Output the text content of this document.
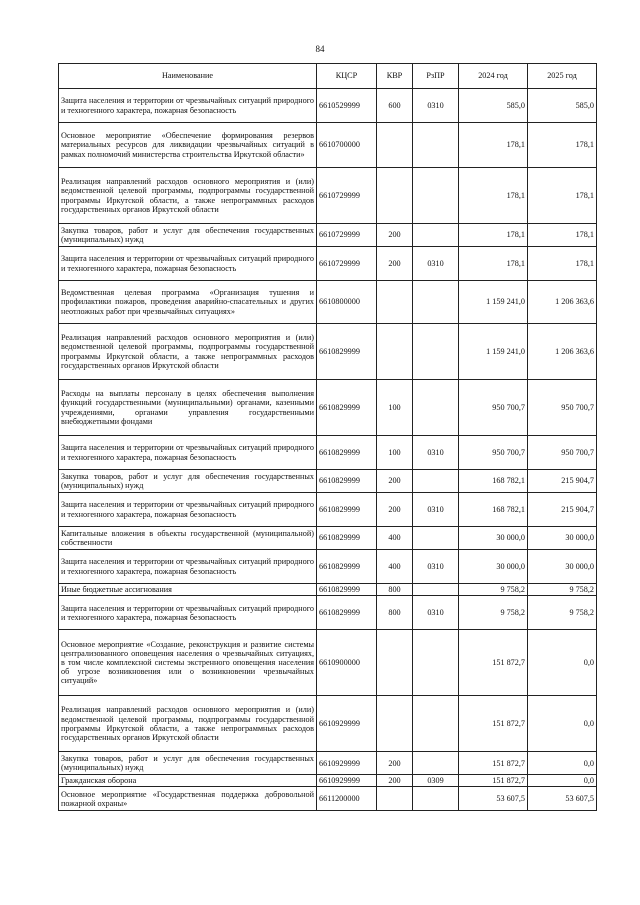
84
Наименование	КЦСР	КВР	РзПР	2024 год	2025 год
Защита населения и территории от чрезвычайных ситуаций природного и техногенного характера, пожарная безопасность	6610529999	600	0310	585,0	585,0
Основное мероприятие «Обеспечение формирования резервов материальных ресурсов для ликвидации чрезвычайных ситуаций в рамках полномочий министерства строительства Иркутской области»	6610700000			178,1	178,1
Реализация направлений расходов основного мероприятия и (или) ведомственной целевой программы, подпрограммы государственной программы Иркутской области, а также непрограммных расходов государственных органов Иркутской области	6610729999			178,1	178,1
Закупка товаров, работ и услуг для обеспечения государственных (муниципальных) нужд	6610729999	200		178,1	178,1
Защита населения и территории от чрезвычайных ситуаций природного и техногенного характера, пожарная безопасность	6610729999	200	0310	178,1	178,1
Ведомственная целевая программа «Организация тушения и профилактики пожаров, проведения аварийно-спасательных и других неотложных работ при чрезвычайных ситуациях»	6610800000			1 159 241,0	1 206 363,6
Реализация направлений расходов основного мероприятия и (или) ведомственной целевой программы, подпрограммы государственной программы Иркутской области, а также непрограммных расходов государственных органов Иркутской области	6610829999			1 159 241,0	1 206 363,6
Расходы на выплаты персоналу в целях обеспечения выполнения функций государственными (муниципальными) органами, казенными учреждениями, органами управления государственными внебюджетными фондами	6610829999	100		950 700,7	950 700,7
Защита населения и территории от чрезвычайных ситуаций природного и техногенного характера, пожарная безопасность	6610829999	100	0310	950 700,7	950 700,7
Закупка товаров, работ и услуг для обеспечения государственных (муниципальных) нужд	6610829999	200		168 782,1	215 904,7
Защита населения и территории от чрезвычайных ситуаций природного и техногенного характера, пожарная безопасность	6610829999	200	0310	168 782,1	215 904,7
Капитальные вложения в объекты государственной (муниципальной) собственности	6610829999	400		30 000,0	30 000,0
Защита населения и территории от чрезвычайных ситуаций природного и техногенного характера, пожарная безопасность	6610829999	400	0310	30 000,0	30 000,0
Иные бюджетные ассигнования	6610829999	800		9 758,2	9 758,2
Защита населения и территории от чрезвычайных ситуаций природного и техногенного характера, пожарная безопасность	6610829999	800	0310	9 758,2	9 758,2
Основное мероприятие «Создание, реконструкция и развитие системы централизованного оповещения населения о чрезвычайных ситуациях, в том числе комплексной системы экстренного оповещения населения об угрозе возникновения или о возникновении чрезвычайных ситуаций»	6610900000			151 872,7	0,0
Реализация направлений расходов основного мероприятия и (или) ведомственной целевой программы, подпрограммы государственной программы Иркутской области, а также непрограммных расходов государственных органов Иркутской области	6610929999			151 872,7	0,0
Закупка товаров, работ и услуг для обеспечения государственных (муниципальных) нужд	6610929999	200		151 872,7	0,0
Гражданская оборона	6610929999	200	0309	151 872,7	0,0
Основное мероприятие «Государственная поддержка добровольной пожарной охраны»	6611200000			53 607,5	53 607,5
